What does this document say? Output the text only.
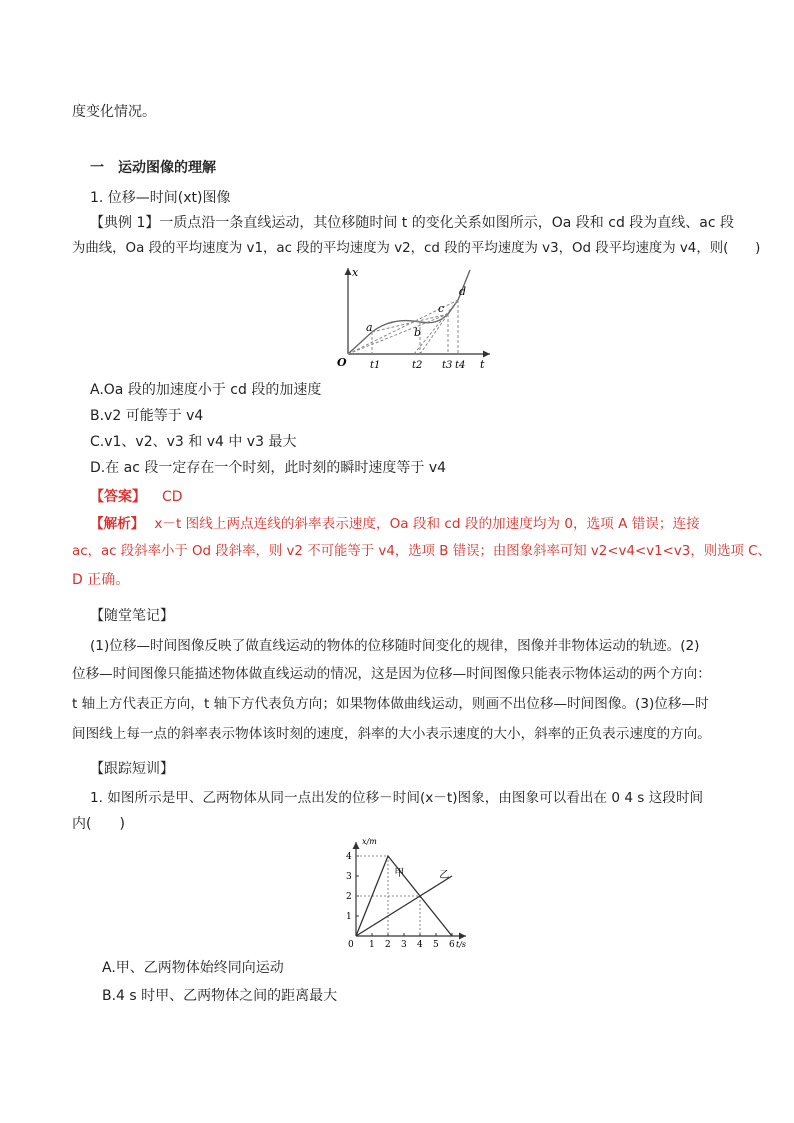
度变化情况。
一　运动图像的理解
1. 位移—时间(xt)图像
【典例 1】一质点沿一条直线运动，其位移随时间 t 的变化关系如图所示，Oa 段和 cd 段为直线、ac 段
为曲线，Oa 段的平均速度为 v1，ac 段的平均速度为 v2，cd 段的平均速度为 v3，Od 段平均速度为 v4，则(　　)
x
t
O
a	b
c
d
t1	t2 t3 t4
A.Oa 段的加速度小于 cd 段的加速度
B.v2 可能等于 v4
C.v1、v2、v3 和 v4 中 v3 最大
D.在 ac 段一定存在一个时刻，此时刻的瞬时速度等于 v4
【答案】 CD
【解析】 x－t 图线上两点连线的斜率表示速度，Oa 段和 cd 段的加速度均为 0，选项 A 错误；连接
ac，ac 段斜率小于 Od 段斜率，则 v2 不可能等于 v4，选项 B 错误；由图象斜率可知 v2<v4<v1<v3，则选项 C、
D 正确。
【随堂笔记】
(1)位移—时间图像反映了做直线运动的物体的位移随时间变化的规律，图像并非物体运动的轨迹。(2)
位移—时间图像只能描述物体做直线运动的情况，这是因为位移—时间图像只能表示物体运动的两个方向：
t 轴上方代表正方向，t 轴下方代表负方向；如果物体做曲线运动，则画不出位移—时间图像。(3)位移—时
间图线上每一点的斜率表示物体该时刻的速度，斜率的大小表示速度的大小，斜率的正负表示速度的方向。
【跟踪短训】
1. 如图所示是甲、乙两物体从同一点出发的位移－时间(x－t)图象，由图象可以看出在 0 4 s 这段时间
内(　　)
x/m
t/s
0 1 2 3 4 5 6
1
2
3
4
甲	乙
A.甲、乙两物体始终同向运动
B.4 s 时甲、乙两物体之间的距离最大
